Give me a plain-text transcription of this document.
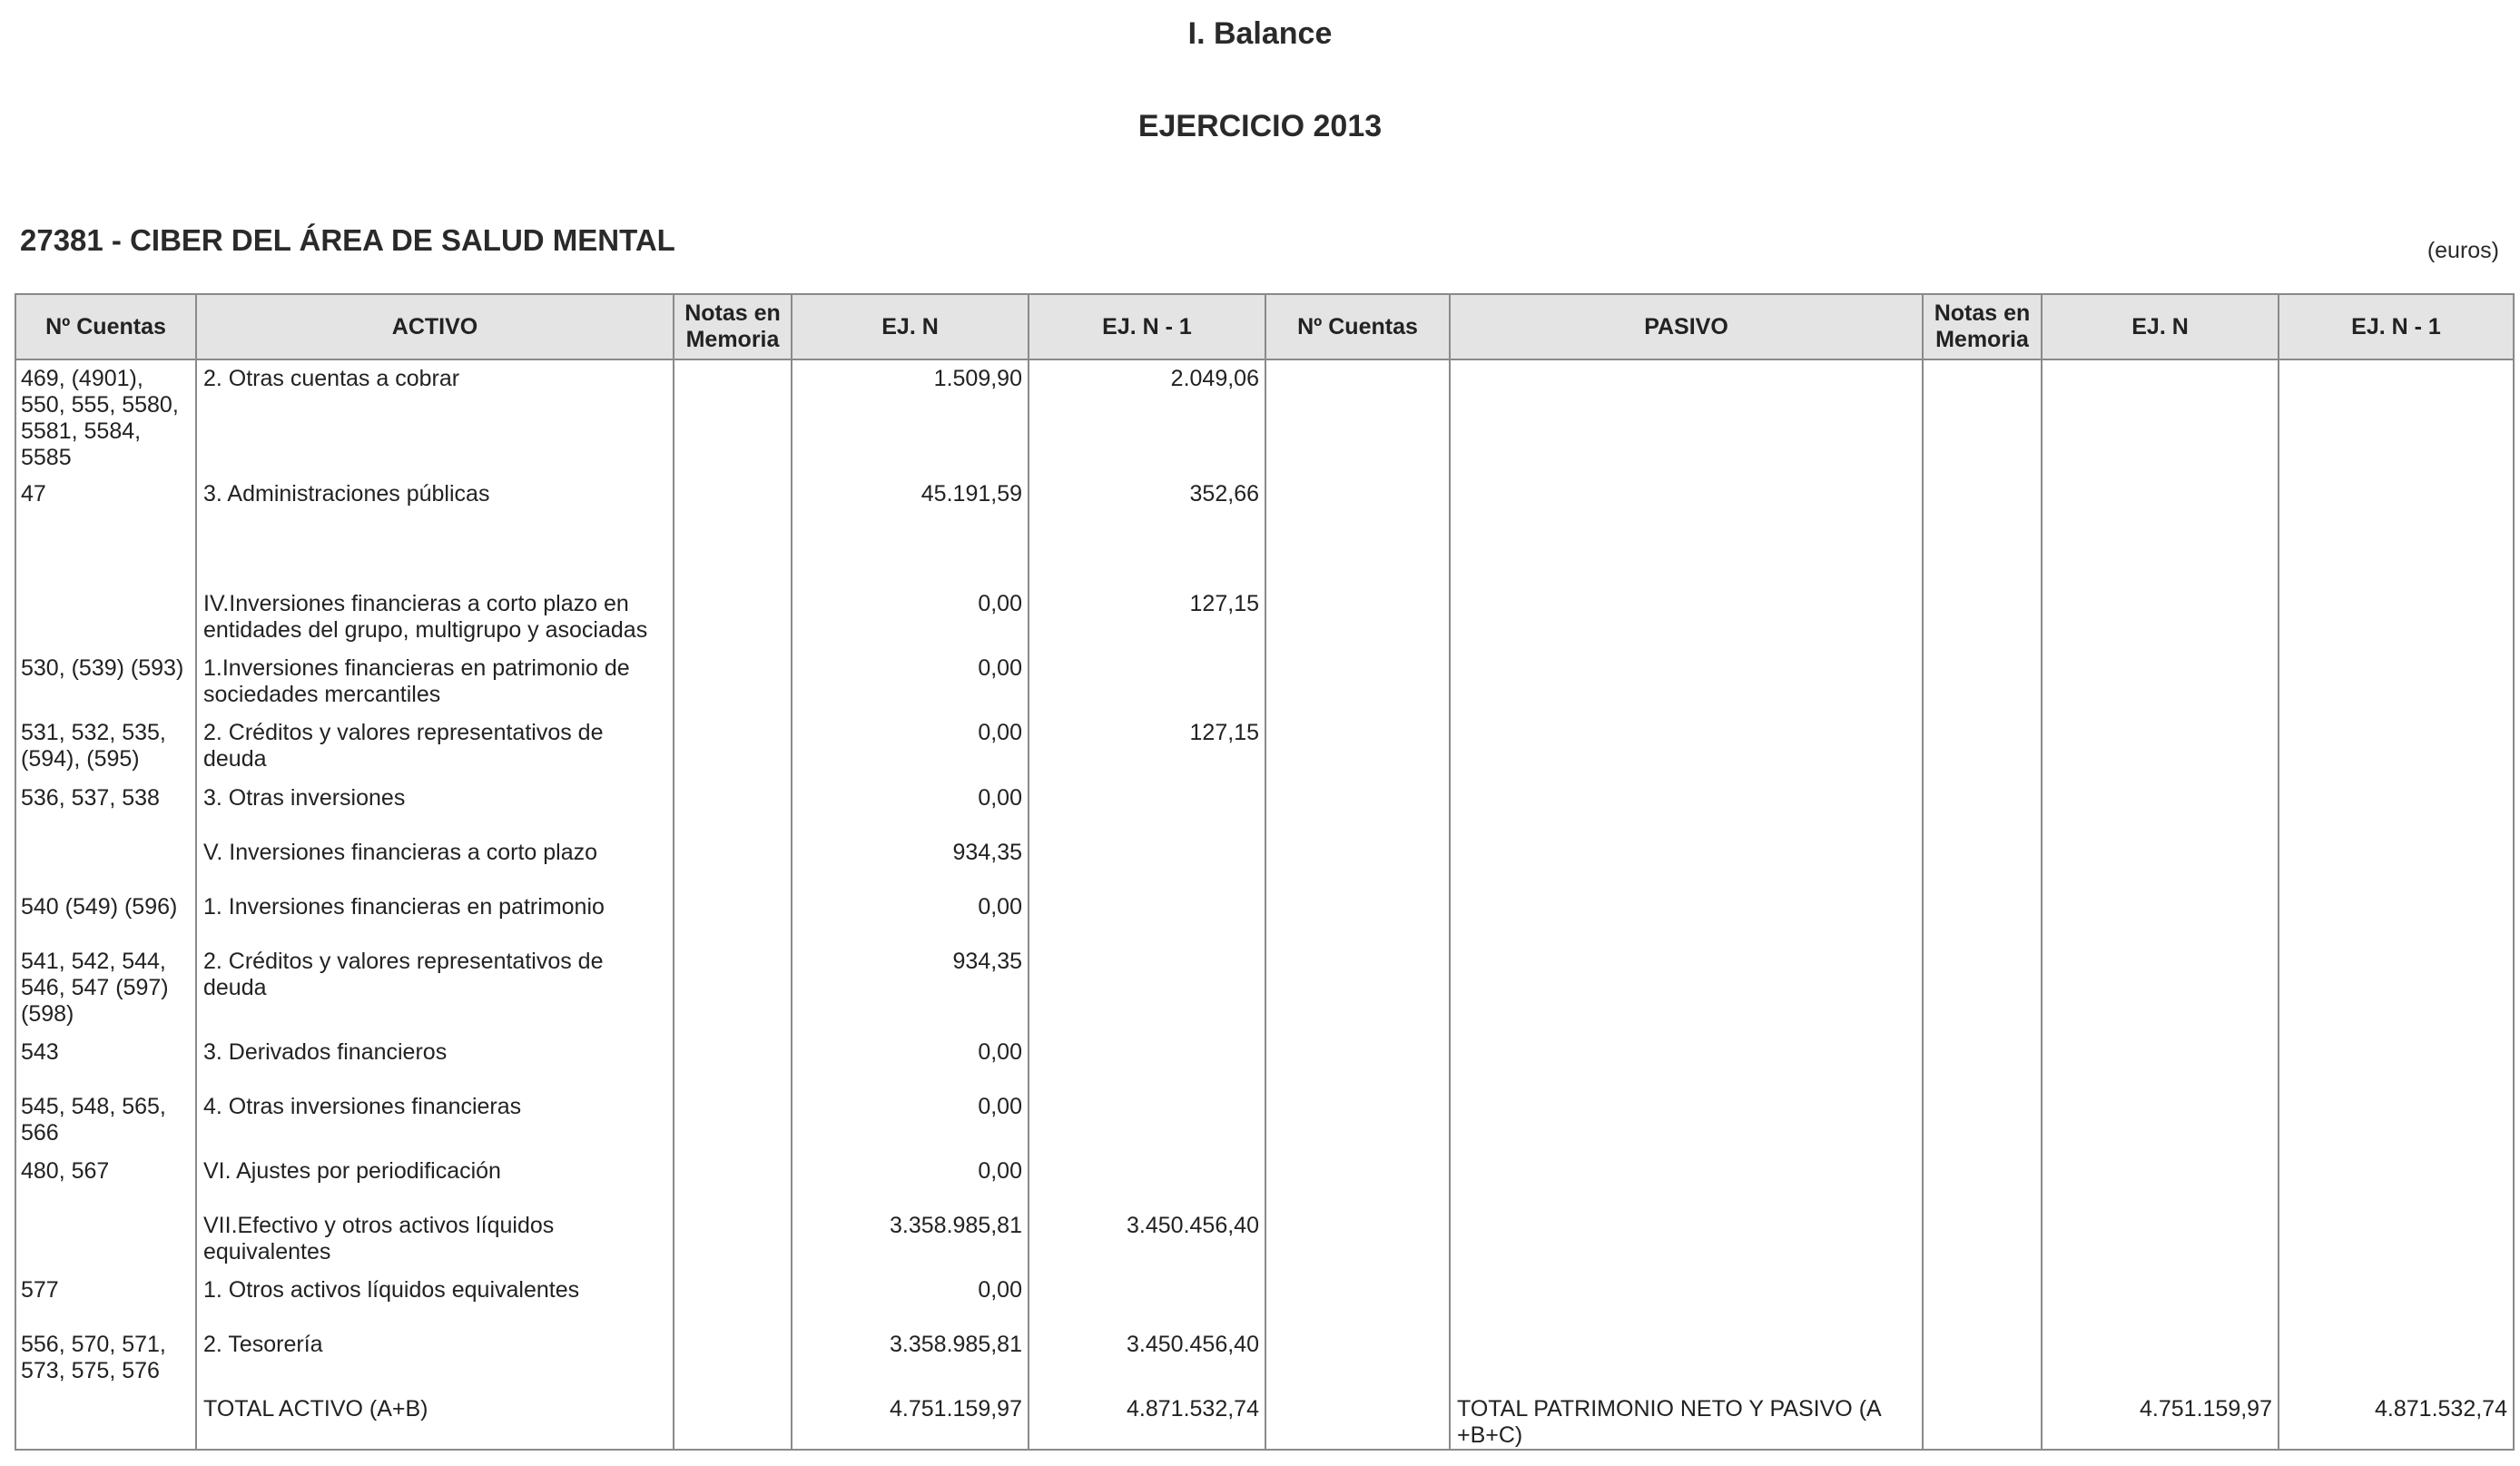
I. Balance
EJERCICIO 2013
27381 - CIBER DEL ÁREA DE SALUD MENTAL	(euros)
Nº Cuentas	ACTIVO	Notas en Memoria	EJ. N	EJ. N - 1	Nº Cuentas	PASIVO	Notas en Memoria	EJ. N	EJ. N - 1
469, (4901), 550, 555, 5580, 5581, 5584, 5585	2. Otras cuentas a cobrar		1.509,90	2.049,06					
47	3. Administraciones públicas		45.191,59	352,66					
	IV.Inversiones financieras a corto plazo en entidades del grupo, multigrupo y asociadas		0,00	127,15					
530, (539) (593)	1.Inversiones financieras en patrimonio de sociedades mercantiles		0,00						
531, 532, 535, (594), (595)	2. Créditos y valores representativos de deuda		0,00	127,15					
536, 537, 538	3. Otras inversiones		0,00						
	V. Inversiones financieras a corto plazo		934,35						
540 (549) (596)	1. Inversiones financieras en patrimonio		0,00						
541, 542, 544, 546, 547 (597) (598)	2. Créditos y valores representativos de deuda		934,35						
543	3. Derivados financieros		0,00						
545, 548, 565, 566	4. Otras inversiones financieras		0,00						
480, 567	VI. Ajustes por periodificación		0,00						
	VII.Efectivo y otros activos líquidos equivalentes		3.358.985,81	3.450.456,40					
577	1. Otros activos líquidos equivalentes		0,00						
556, 570, 571, 573, 575, 576	2. Tesorería		3.358.985,81	3.450.456,40					
	TOTAL ACTIVO (A+B)		4.751.159,97	4.871.532,74		TOTAL PATRIMONIO NETO Y PASIVO (A +B+C)		4.751.159,97	4.871.532,74
